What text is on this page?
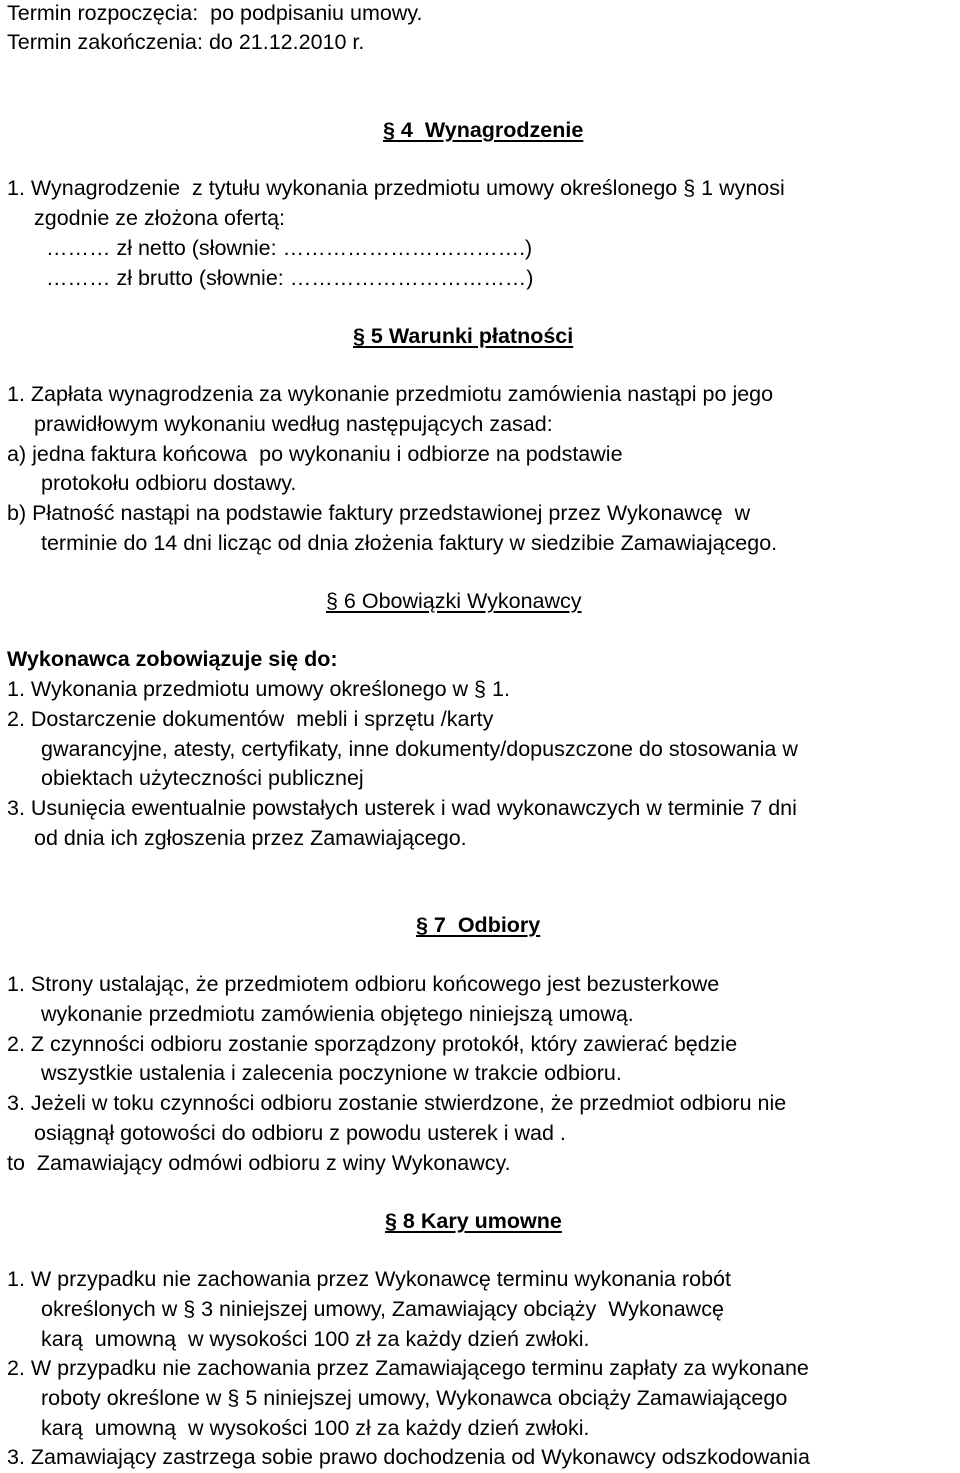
Termin rozpoczęcia:  po podpisaniu umowy.
Termin zakończenia: do 21.12.2010 r.
§ 4  Wynagrodzenie
1. Wynagrodzenie  z tytułu wykonania przedmiotu umowy określonego § 1 wynosi
zgodnie ze złożona ofertą:
……… zł netto (słownie: …………………………….)
……… zł brutto (słownie: ……………………………)
§ 5 Warunki płatności
1. Zapłata wynagrodzenia za wykonanie przedmiotu zamówienia nastąpi po jego
prawidłowym wykonaniu według następujących zasad:
a) jedna faktura końcowa  po wykonaniu i odbiorze na podstawie
protokołu odbioru dostawy.
b) Płatność nastąpi na podstawie faktury przedstawionej przez Wykonawcę  w
terminie do 14 dni licząc od dnia złożenia faktury w siedzibie Zamawiającego.
§ 6 Obowiązki Wykonawcy
Wykonawca zobowiązuje się do:
1. Wykonania przedmiotu umowy określonego w § 1.
2. Dostarczenie dokumentów  mebli i sprzętu /karty
gwarancyjne, atesty, certyfikaty, inne dokumenty/dopuszczone do stosowania w
obiektach użyteczności publicznej
3. Usunięcia ewentualnie powstałych usterek i wad wykonawczych w terminie 7 dni
od dnia ich zgłoszenia przez Zamawiającego.
§ 7  Odbiory
1. Strony ustalając, że przedmiotem odbioru końcowego jest bezusterkowe
wykonanie przedmiotu zamówienia objętego niniejszą umową.
2. Z czynności odbioru zostanie sporządzony protokół, który zawierać będzie
wszystkie ustalenia i zalecenia poczynione w trakcie odbioru.
3. Jeżeli w toku czynności odbioru zostanie stwierdzone, że przedmiot odbioru nie
osiągnął gotowości do odbioru z powodu usterek i wad .
to  Zamawiający odmówi odbioru z winy Wykonawcy.
§ 8 Kary umowne
1. W przypadku nie zachowania przez Wykonawcę terminu wykonania robót
określonych w § 3 niniejszej umowy, Zamawiający obciąży  Wykonawcę
karą  umowną  w wysokości 100 zł za każdy dzień zwłoki.
2. W przypadku nie zachowania przez Zamawiającego terminu zapłaty za wykonane
roboty określone w § 5 niniejszej umowy, Wykonawca obciąży Zamawiającego
karą  umowną  w wysokości 100 zł za każdy dzień zwłoki.
3. Zamawiający zastrzega sobie prawo dochodzenia od Wykonawcy odszkodowania
